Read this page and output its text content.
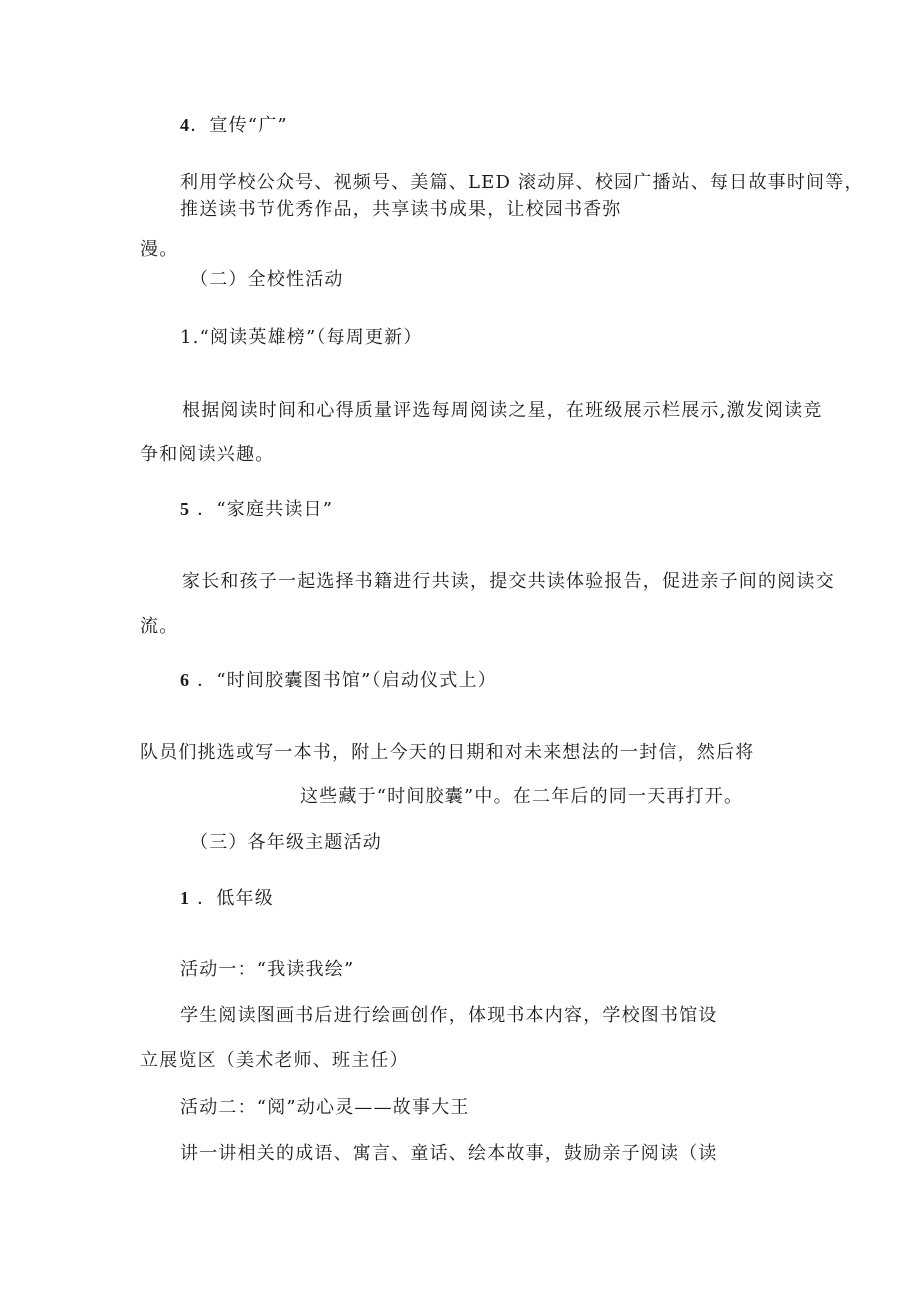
4．宣传“广”
利用学校公众号、视频号、美篇、LED 滚动屏、校园广播站、每日故事时间等，
推送读书节优秀作品，共享读书成果，让校园书香弥
漫。
（二）全校性活动
1.“阅读英雄榜”（每周更新）
根据阅读时间和心得质量评选每周阅读之星，在班级展示栏展示,激发阅读竞
争和阅读兴趣。
5 ．“家庭共读日”
家长和孩子一起选择书籍进行共读，提交共读体验报告，促进亲子间的阅读交
流。
6 ．“时间胶囊图书馆”（启动仪式上）
队员们挑选或写一本书，附上今天的日期和对未来想法的一封信，然后将
这些藏于“时间胶囊”中。在二年后的同一天再打开。
（三）各年级主题活动
1 ．低年级
活动一：“我读我绘”
学生阅读图画书后进行绘画创作，体现书本内容，学校图书馆设
立展览区（美术老师、班主任）
活动二：“阅”动心灵——故事大王
讲一讲相关的成语、寓言、童话、绘本故事，鼓励亲子阅读（读
